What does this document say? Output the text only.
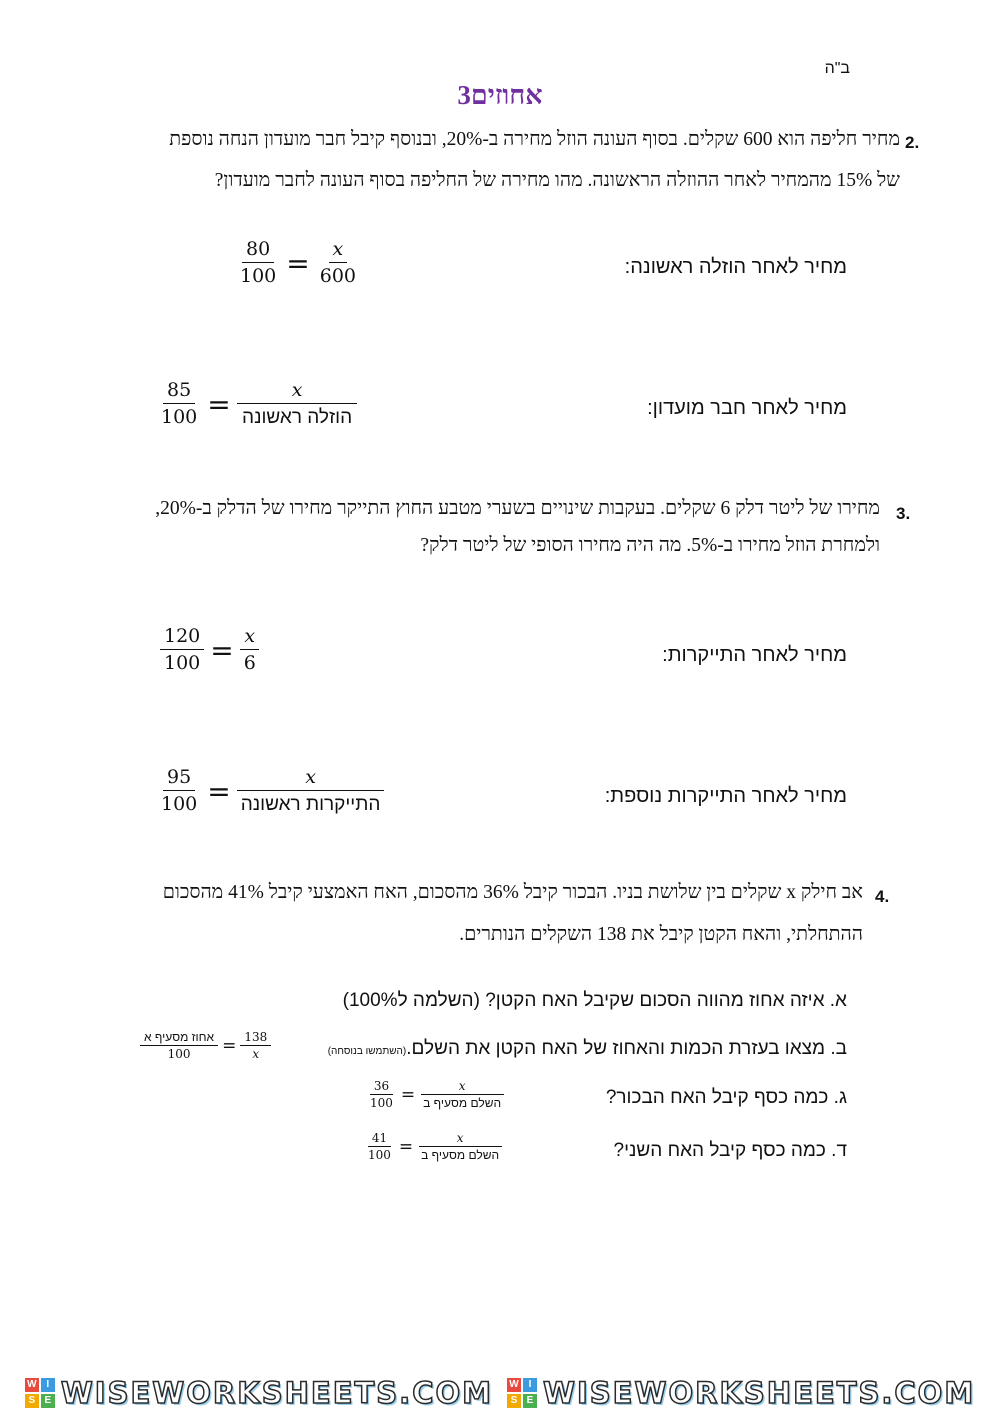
ב"ה
אחוזים3
2.
מחיר חליפה הוא 600 שקלים. בסוף העונה הוזל מחירה ב-20%, ובנוסף קיבל חבר מועדון הנחה נוספת
של 15% מהמחיר לאחר ההוזלה הראשונה. מהו מחירה של החליפה בסוף העונה לחבר מועדון?
מחיר לאחר הוזלה ראשונה:
$\frac{80}{100} = \frac{x}{600}$
מחיר לאחר חבר מועדון:
$\frac{85}{100} = \frac{x}{\text{הוזלה ראשונה}}$
3.
מחירו של ליטר דלק 6 שקלים. בעקבות שינויים בשערי מטבע החוץ התייקר מחירו של הדלק ב-20%,
ולמחרת הוזל מחירו ב-5%. מה היה מחירו הסופי של ליטר דלק?
מחיר לאחר התייקרות:
$\frac{120}{100} = \frac{x}{6}$
מחיר לאחר התייקרות נוספת:
$\frac{95}{100} = \frac{x}{\text{התייקרות ראשונה}}$
4.
אב חילק x שקלים בין שלושת בניו. הבכור קיבל 36% מהסכום, האח האמצעי קיבל 41% מהסכום
ההתחלתי, והאח הקטן קיבל את 138 השקלים הנותרים.
א. איזה אחוז מהווה הסכום שקיבל האח הקטן? (השלמה ל100%)
ב. מצאו בעזרת הכמות והאחוז של האח הקטן את השלם.(השתמשו בנוסחה)
$\frac{\text{אחוז מסעיף א}}{100} = \frac{138}{x}$
ג. כמה כסף קיבל האח הבכור?
$\frac{36}{100} = \frac{x}{\text{השלם מסעיף ב}}$
ד. כמה כסף קיבל האח השני?
$\frac{41}{100} = \frac{x}{\text{השלם מסעיף ב}}$
W I
S E WISEWORKSHEETS.COM W I
S E WISEWORKSHEETS.COM
